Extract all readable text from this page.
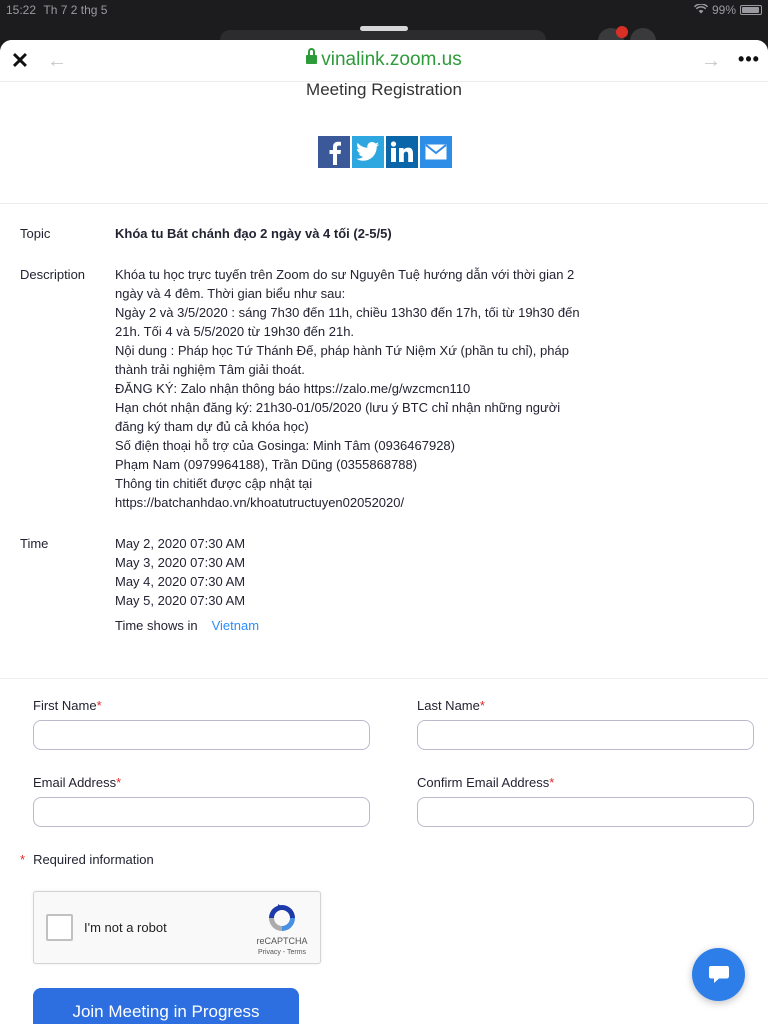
15:22 Th 7 2 thg 5	99%
✕ ←	vinalink.zoom.us	→ •••
Meeting Registration
Topic	Khóa tu Bát chánh đạo 2 ngày và 4 tối (2-5/5)
Description	Khóa tu học trực tuyến trên Zoom do sư Nguyên Tuệ hướng dẫn với thời gian 2
ngày và 4 đêm. Thời gian biểu như sau:
Ngày 2 và 3/5/2020 : sáng 7h30 đến 11h, chiều 13h30 đến 17h, tối từ 19h30 đến
21h. Tối 4 và 5/5/2020 từ 19h30 đến 21h.
Nội dung : Pháp học Tứ Thánh Đế, pháp hành Tứ Niệm Xứ (phần tu chỉ), pháp
thành trải nghiệm Tâm giải thoát.
ĐĂNG KÝ: Zalo nhận thông báo https://zalo.me/g/wzcmcn110
Hạn chót nhận đăng ký: 21h30-01/05/2020 (lưu ý BTC chỉ nhận những người
đăng ký tham dự đủ cả khóa học)
Số điện thoại hỗ trợ của Gosinga: Minh Tâm (0936467928)
Phạm Nam (0979964188), Trần Dũng (0355868788)
Thông tin chitiết được cập nhật tại
https://batchanhdao.vn/khoatutructuyen02052020/
Time	May 2, 2020 07:30 AM
May 3, 2020 07:30 AM
May 4, 2020 07:30 AM
May 5, 2020 07:30 AM
Time shows in Vietnam
First Name*	Last Name*
Email Address*	Confirm Email Address*
* Required information
I'm not a robot
reCAPTCHA
Privacy - Terms
Join Meeting in Progress
